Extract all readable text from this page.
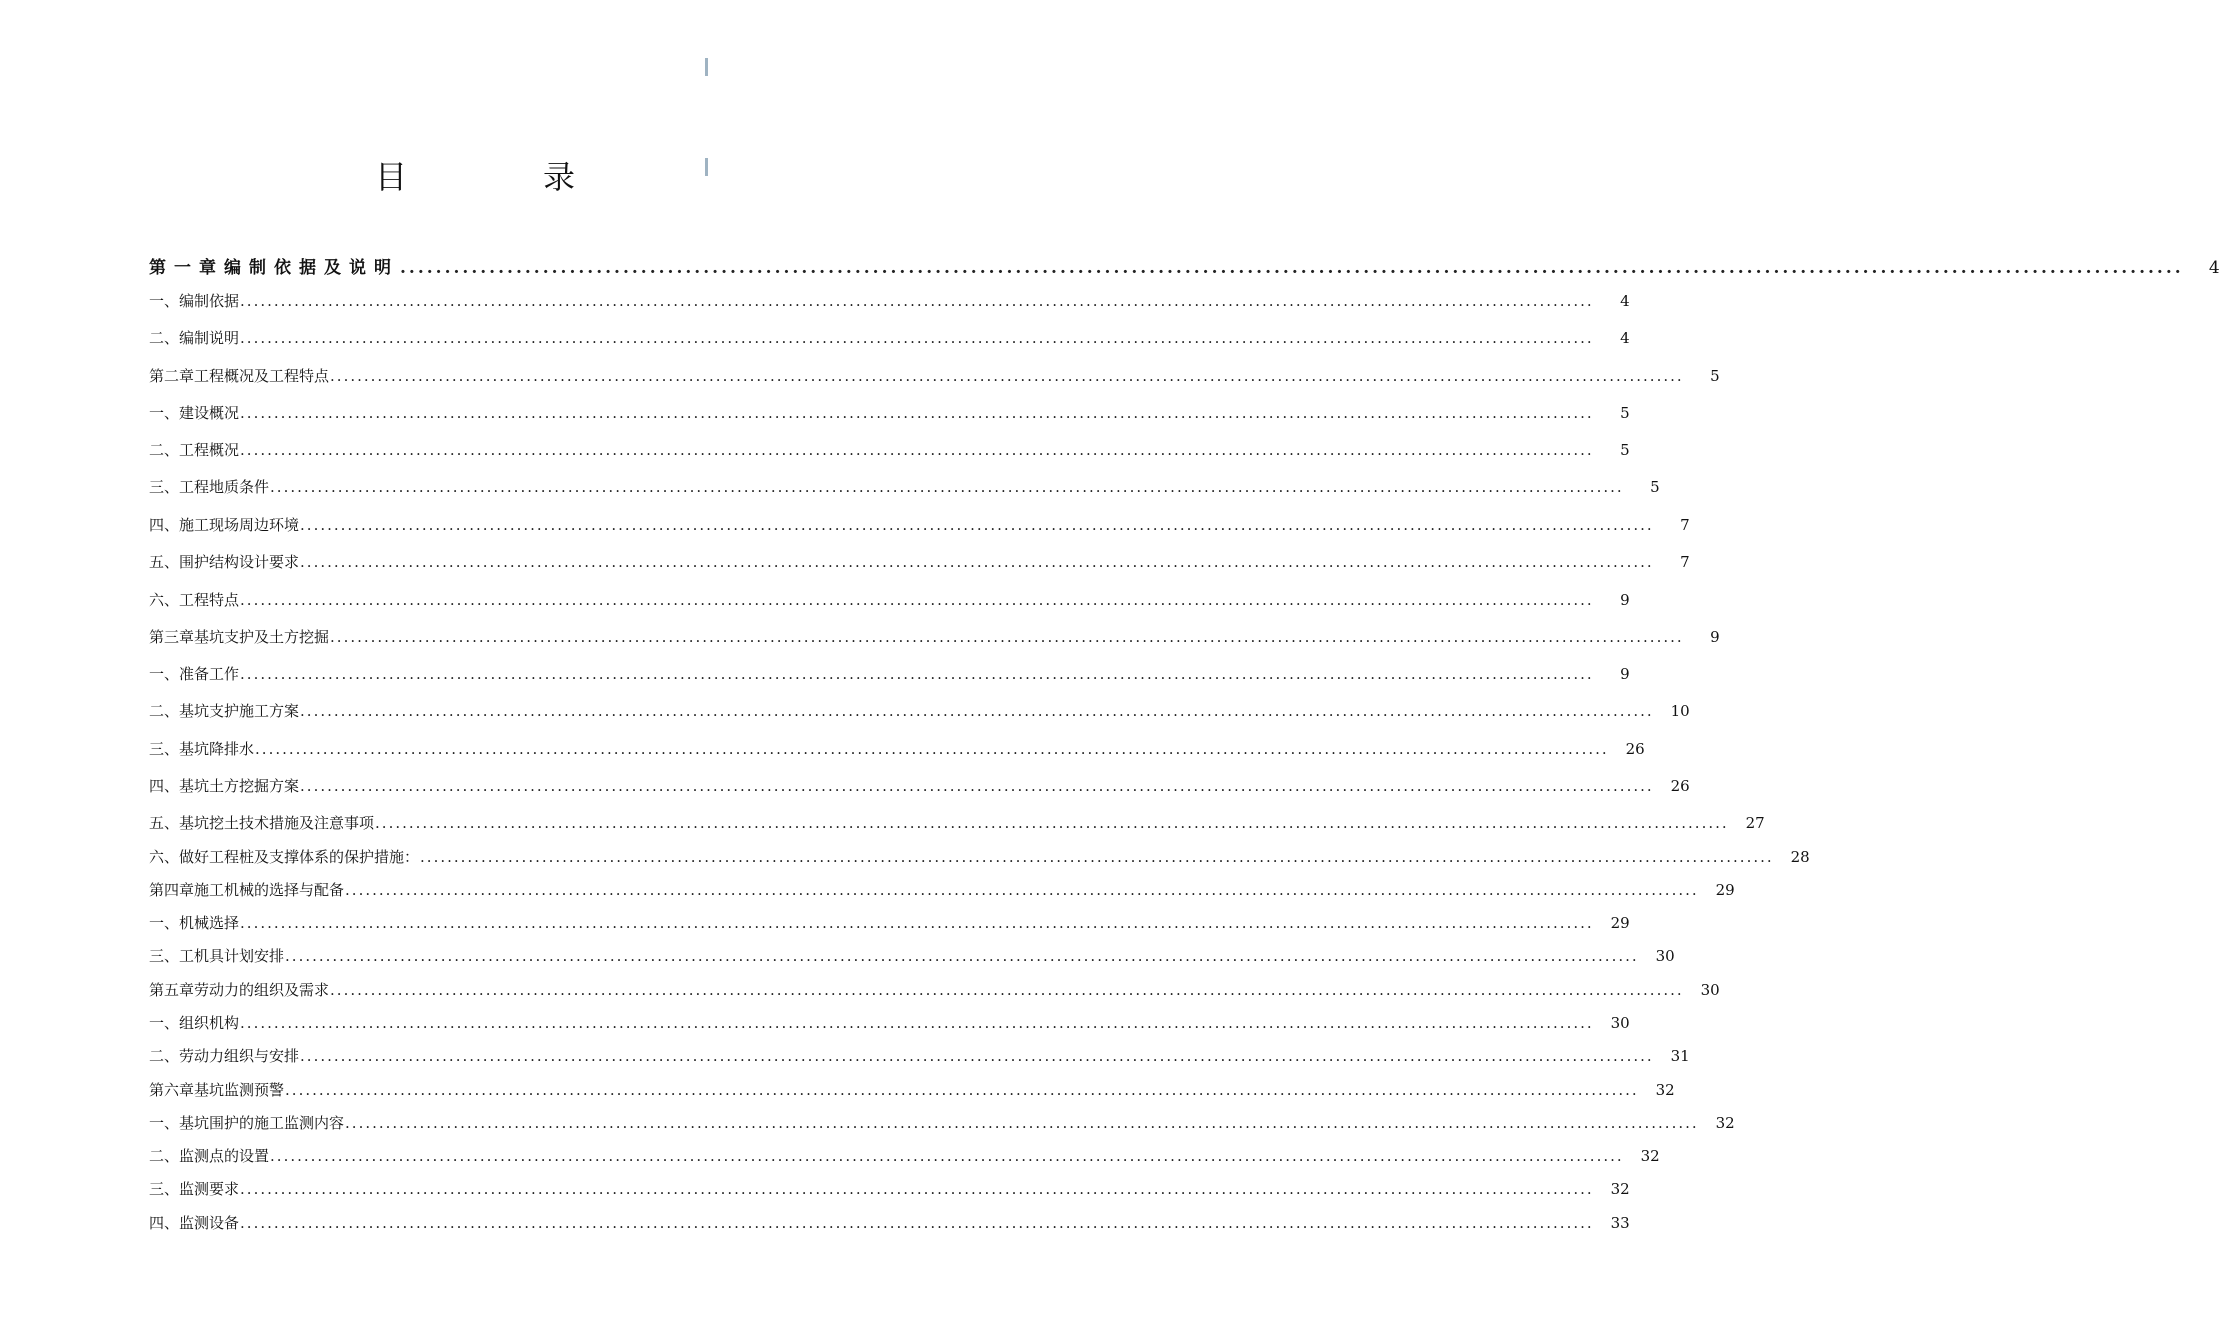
目　录
第一章 编制依据及说明 ........................................................................................................................................................................................................	4
一、 编制依据 ........................................................................................................................................................................................................	4
二、 编制说明 ........................................................................................................................................................................................................	4
第二章 工程概况及工程特点 ........................................................................................................................................................................................................	5
一、 建设概况 ........................................................................................................................................................................................................	5
二、 工程概况 ........................................................................................................................................................................................................	5
三、 工程地质条件 ........................................................................................................................................................................................................	5
四、 施工现场周边环境 ........................................................................................................................................................................................................	7
五、 围护结构设计要求 ........................................................................................................................................................................................................	7
六、 工程特点 ........................................................................................................................................................................................................	9
第三章 基坑支护及土方挖掘 ........................................................................................................................................................................................................	9
一、 准备工作 ........................................................................................................................................................................................................	9
二、 基坑支护施工方案 ........................................................................................................................................................................................................ 10
三、 基坑降排水 ........................................................................................................................................................................................................ 26
四、 基坑土方挖掘方案 ........................................................................................................................................................................................................ 26
五、 基坑挖土技术措施及注意事项 ........................................................................................................................................................................................................ 27
六、 做好工程桩及支撑体系的保护措施： ........................................................................................................................................................................................................ 28
第四章 施工机械的选择与配备 ........................................................................................................................................................................................................ 29
一、 机械选择 ........................................................................................................................................................................................................ 29
三、 工机具计划安排 ........................................................................................................................................................................................................ 30
第五章 劳动力的组织及需求 ........................................................................................................................................................................................................ 30
一、 组织机构 ........................................................................................................................................................................................................ 30
二、 劳动力组织与安排 ........................................................................................................................................................................................................ 31
第六章 基坑监测预警 ........................................................................................................................................................................................................ 32
一、 基坑围护的施工监测内容 ........................................................................................................................................................................................................ 32
二、 监测点的设置 ........................................................................................................................................................................................................ 32
三、 监测要求 ........................................................................................................................................................................................................ 32
四、 监测设备 ........................................................................................................................................................................................................ 33
